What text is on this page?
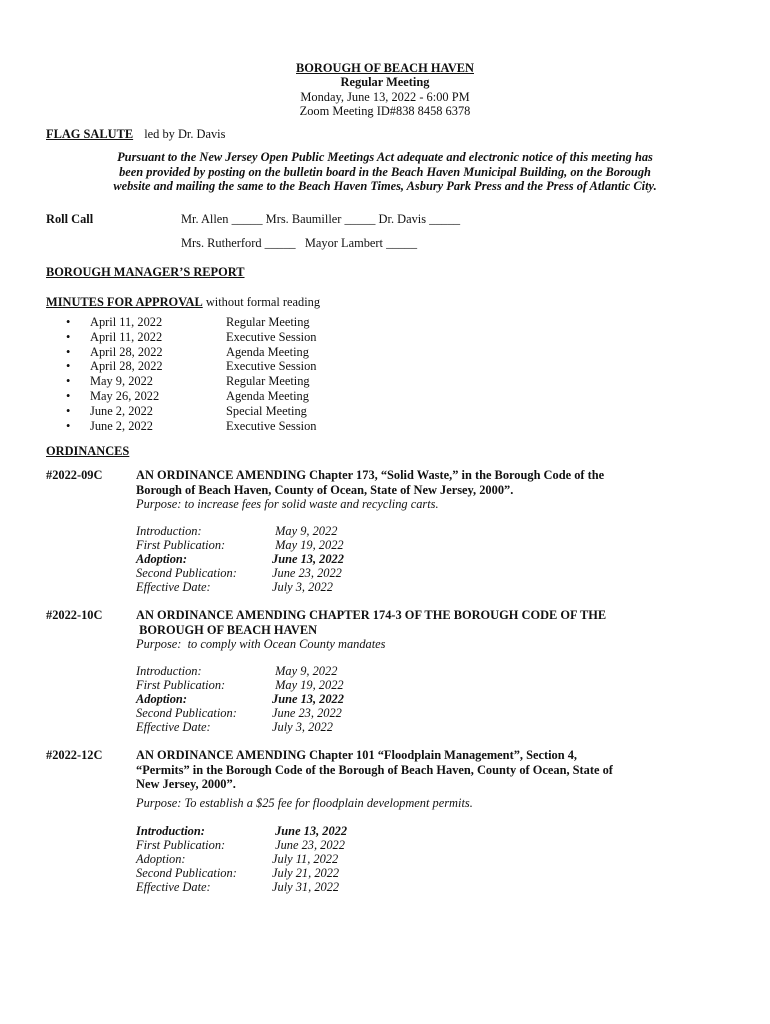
BOROUGH OF BEACH HAVEN
Regular Meeting
Monday, June 13, 2022 - 6:00 PM
Zoom Meeting ID#838 8458 6378
FLAG SALUTE led by Dr. Davis
Pursuant to the New Jersey Open Public Meetings Act adequate and electronic notice of this meeting has
been provided by posting on the bulletin board in the Beach Haven Municipal Building, on the Borough
website and mailing the same to the Beach Haven Times, Asbury Park Press and the Press of Atlantic City.
Roll Call	Mr. Allen _____ Mrs. Baumiller _____ Dr. Davis _____
Mrs. Rutherford _____   Mayor Lambert _____
BOROUGH MANAGER’S REPORT
MINUTES FOR APPROVAL without formal reading
• April 11, 2022	Regular Meeting
• April 11, 2022	Executive Session
• April 28, 2022	Agenda Meeting
• April 28, 2022	Executive Session
• May 9, 2022	Regular Meeting
• May 26, 2022	Agenda Meeting
• June 2, 2022	Special Meeting
• June 2, 2022	Executive Session
ORDINANCES
#2022-09C	AN ORDINANCE AMENDING Chapter 173, “Solid Waste,” in the Borough Code of the
Borough of Beach Haven, County of Ocean, State of New Jersey, 2000”.
Purpose: to increase fees for solid waste and recycling carts.
Introduction:	May 9, 2022
First Publication:	May 19, 2022
Adoption:	June 13, 2022
Second Publication:	June 23, 2022
Effective Date:	July 3, 2022
#2022-10C	AN ORDINANCE AMENDING CHAPTER 174-3 OF THE BOROUGH CODE OF THE
BOROUGH OF BEACH HAVEN
Purpose:  to comply with Ocean County mandates
Introduction:	May 9, 2022
First Publication:	May 19, 2022
Adoption:	June 13, 2022
Second Publication:	June 23, 2022
Effective Date:	July 3, 2022
#2022-12C	AN ORDINANCE AMENDING Chapter 101 “Floodplain Management”, Section 4,
“Permits” in the Borough Code of the Borough of Beach Haven, County of Ocean, State of
New Jersey, 2000”.
Purpose: To establish a $25 fee for floodplain development permits.
Introduction:	June 13, 2022
First Publication:	June 23, 2022
Adoption:	July 11, 2022
Second Publication:	July 21, 2022
Effective Date:	July 31, 2022
